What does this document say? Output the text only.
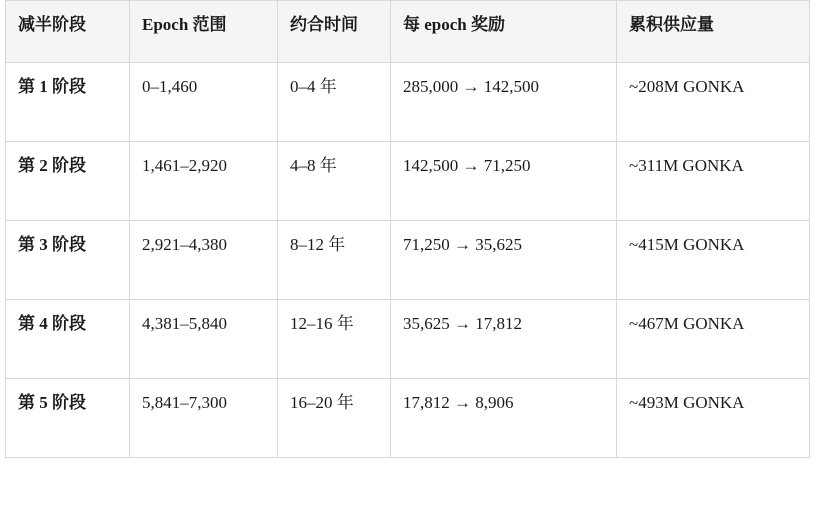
减半阶段	Epoch 范围	约合时间	每 epoch 奖励	累积供应量
第 1 阶段	0–1,460	0–4 年	285,000 → 142,500	~208M GONKA
第 2 阶段	1,461–2,920	4–8 年	142,500 → 71,250	~311M GONKA
第 3 阶段	2,921–4,380	8–12 年	71,250 → 35,625	~415M GONKA
第 4 阶段	4,381–5,840	12–16 年	35,625 → 17,812	~467M GONKA
第 5 阶段	5,841–7,300	16–20 年	17,812 → 8,906	~493M GONKA
